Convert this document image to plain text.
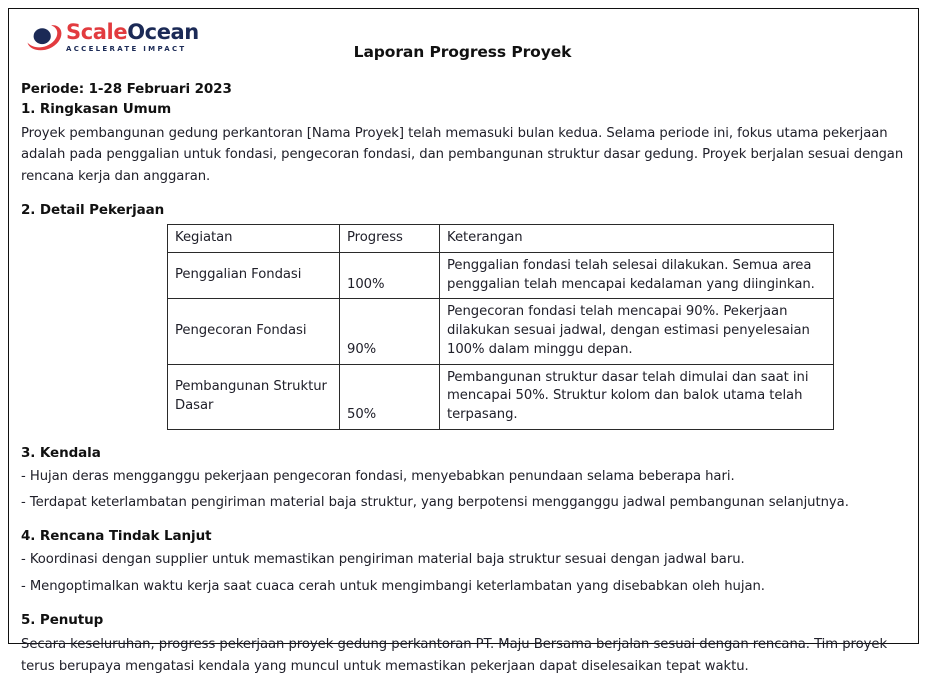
ScaleOcean
ACCELERATE IMPACT	Laporan Progress Proyek
Periode: 1-28 Februari 2023
1. Ringkasan Umum
Proyek pembangunan gedung perkantoran [Nama Proyek] telah memasuki bulan kedua. Selama periode ini, fokus utama pekerjaan adalah pada penggalian untuk fondasi, pengecoran fondasi, dan pembangunan struktur dasar gedung. Proyek berjalan sesuai dengan rencana kerja dan anggaran.
2. Detail Pekerjaan
Kegiatan	Progress	Keterangan
Penggalian Fondasi	100%	Penggalian fondasi telah selesai dilakukan. Semua area penggalian telah mencapai kedalaman yang diinginkan.
Pengecoran Fondasi	90%	Pengecoran fondasi telah mencapai 90%. Pekerjaan dilakukan sesuai jadwal, dengan estimasi penyelesaian 100% dalam minggu depan.
Pembangunan Struktur Dasar	50%	Pembangunan struktur dasar telah dimulai dan saat ini mencapai 50%. Struktur kolom dan balok utama telah terpasang.
3. Kendala
- Hujan deras mengganggu pekerjaan pengecoran fondasi, menyebabkan penundaan selama beberapa hari.
- Terdapat keterlambatan pengiriman material baja struktur, yang berpotensi mengganggu jadwal pembangunan selanjutnya.
4. Rencana Tindak Lanjut
- Koordinasi dengan supplier untuk memastikan pengiriman material baja struktur sesuai dengan jadwal baru.
- Mengoptimalkan waktu kerja saat cuaca cerah untuk mengimbangi keterlambatan yang disebabkan oleh hujan.
5. Penutup
Secara keseluruhan, progress pekerjaan proyek gedung perkantoran PT. Maju Bersama berjalan sesuai dengan rencana. Tim proyek terus berupaya mengatasi kendala yang muncul untuk memastikan pekerjaan dapat diselesaikan tepat waktu.
